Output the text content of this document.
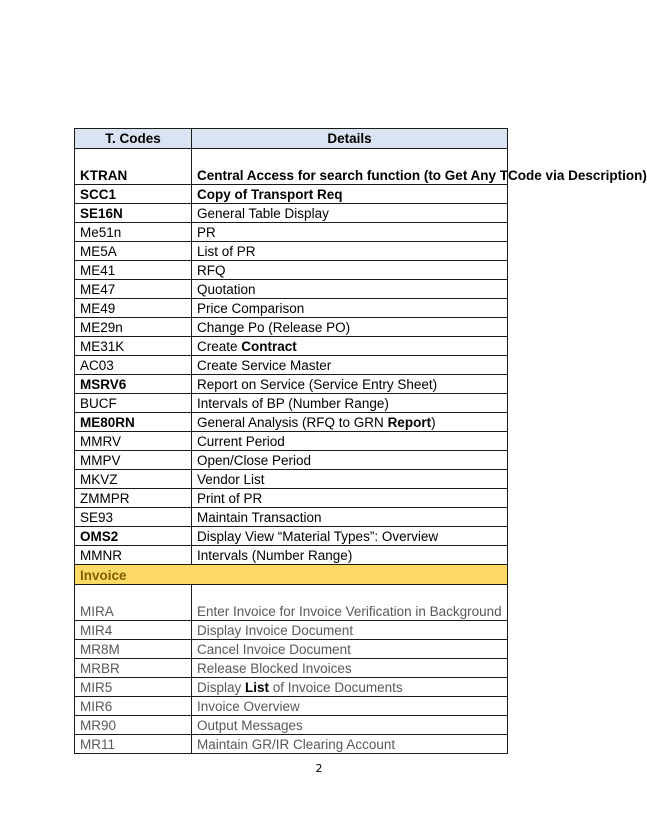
T. Codes	Details
KTRAN	Central Access for search function (to Get Any TCode via Description)
SCC1	Copy of Transport Req
SE16N	General Table Display
Me51n	PR
ME5A	List of PR
ME41	RFQ
ME47	Quotation
ME49	Price Comparison
ME29n	Change Po (Release PO)
ME31K	Create Contract
AC03	Create Service Master
MSRV6	Report on Service (Service Entry Sheet)
BUCF	Intervals of BP (Number Range)
ME80RN	General Analysis (RFQ to GRN Report)
MMRV	Current Period
MMPV	Open/Close Period
MKVZ	Vendor List
ZMMPR	Print of PR
SE93	Maintain Transaction
OMS2	Display View “Material Types”: Overview
MMNR	Intervals (Number Range)
Invoice	
MIRA	Enter Invoice for Invoice Verification in Background
MIR4	Display Invoice Document
MR8M	Cancel Invoice Document
MRBR	Release Blocked Invoices
MIR5	Display List of Invoice Documents
MIR6	Invoice Overview
MR90	Output Messages
MR11	Maintain GR/IR Clearing Account
2
